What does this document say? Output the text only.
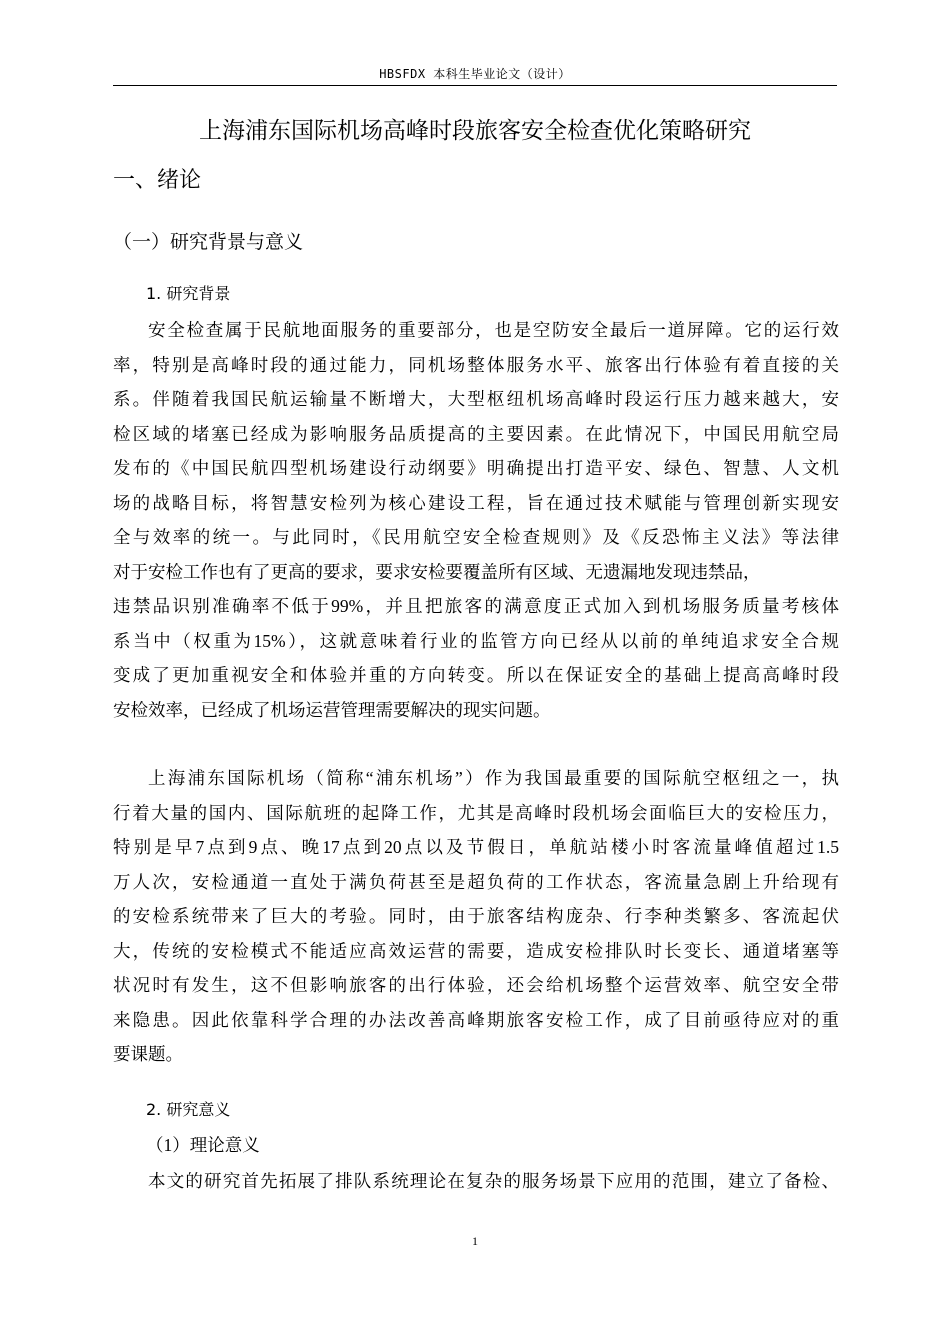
HBSFDX 本科生毕业论文（设计）
上海浦东国际机场高峰时段旅客安全检查优化策略研究
一、绪论
（一）研究背景与意义
1. 研究背景
安全检查属于民航地面服务的重要部分，也是空防安全最后一道屏障。它的运行效
率，特别是高峰时段的通过能力，同机场整体服务水平、旅客出行体验有着直接的关
系。伴随着我国民航运输量不断增大，大型枢纽机场高峰时段运行压力越来越大，安
检区域的堵塞已经成为影响服务品质提高的主要因素。在此情况下，中国民用航空局
发布的《中国民航四型机场建设行动纲要》明确提出打造平安、绿色、智慧、人文机
场的战略目标，将智慧安检列为核心建设工程，旨在通过技术赋能与管理创新实现安
全与效率的统一。与此同时，《民用航空安全检查规则》及《反恐怖主义法》等法律
对于安检工作也有了更高的要求，要求安检要覆盖所有区域、无遗漏地发现违禁品，
违禁品识别准确率不低于99%，并且把旅客的满意度正式加入到机场服务质量考核体
系当中（权重为15%），这就意味着行业的监管方向已经从以前的单纯追求安全合规
变成了更加重视安全和体验并重的方向转变。所以在保证安全的基础上提高高峰时段
安检效率，已经成了机场运营管理需要解决的现实问题。
上海浦东国际机场（简称“浦东机场”）作为我国最重要的国际航空枢纽之一，执
行着大量的国内、国际航班的起降工作，尤其是高峰时段机场会面临巨大的安检压力，
特别是早7点到9点、晚17点到20点以及节假日，单航站楼小时客流量峰值超过1.5
万人次，安检通道一直处于满负荷甚至是超负荷的工作状态，客流量急剧上升给现有
的安检系统带来了巨大的考验。同时，由于旅客结构庞杂、行李种类繁多、客流起伏
大，传统的安检模式不能适应高效运营的需要，造成安检排队时长变长、通道堵塞等
状况时有发生，这不但影响旅客的出行体验，还会给机场整个运营效率、航空安全带
来隐患。因此依靠科学合理的办法改善高峰期旅客安检工作，成了目前亟待应对的重
要课题。
2. 研究意义
（1）理论意义
本文的研究首先拓展了排队系统理论在复杂的服务场景下应用的范围，建立了备检、
1
